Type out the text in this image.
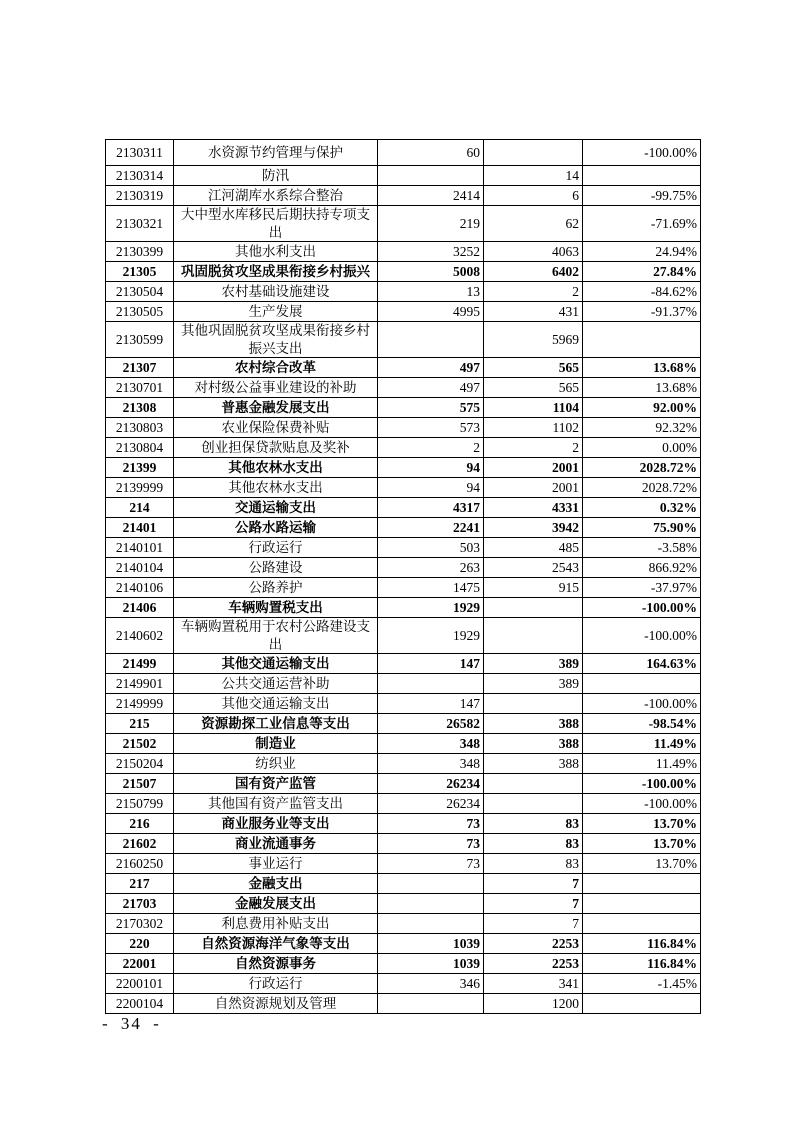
2130311	水资源节约管理与保护	60		-100.00%
2130314	防汛		14	
2130319	江河湖库水系综合整治	2414	6	-99.75%
2130321	大中型水库移民后期扶持专项支出	219	62	-71.69%
2130399	其他水利支出	3252	4063	24.94%
21305	巩固脱贫攻坚成果衔接乡村振兴	5008	6402	27.84%
2130504	农村基础设施建设	13	2	-84.62%
2130505	生产发展	4995	431	-91.37%
2130599	其他巩固脱贫攻坚成果衔接乡村振兴支出		5969	
21307	农村综合改革	497	565	13.68%
2130701	对村级公益事业建设的补助	497	565	13.68%
21308	普惠金融发展支出	575	1104	92.00%
2130803	农业保险保费补贴	573	1102	92.32%
2130804	创业担保贷款贴息及奖补	2	2	0.00%
21399	其他农林水支出	94	2001	2028.72%
2139999	其他农林水支出	94	2001	2028.72%
214	交通运输支出	4317	4331	0.32%
21401	公路水路运输	2241	3942	75.90%
2140101	行政运行	503	485	-3.58%
2140104	公路建设	263	2543	866.92%
2140106	公路养护	1475	915	-37.97%
21406	车辆购置税支出	1929		-100.00%
2140602	车辆购置税用于农村公路建设支出	1929		-100.00%
21499	其他交通运输支出	147	389	164.63%
2149901	公共交通运营补助		389	
2149999	其他交通运输支出	147		-100.00%
215	资源勘探工业信息等支出	26582	388	-98.54%
21502	制造业	348	388	11.49%
2150204	纺织业	348	388	11.49%
21507	国有资产监管	26234		-100.00%
2150799	其他国有资产监管支出	26234		-100.00%
216	商业服务业等支出	73	83	13.70%
21602	商业流通事务	73	83	13.70%
2160250	事业运行	73	83	13.70%
217	金融支出		7	
21703	金融发展支出		7	
2170302	利息费用补贴支出		7	
220	自然资源海洋气象等支出	1039	2253	116.84%
22001	自然资源事务	1039	2253	116.84%
2200101	行政运行	346	341	-1.45%
2200104	自然资源规划及管理		1200	
- 34 -
